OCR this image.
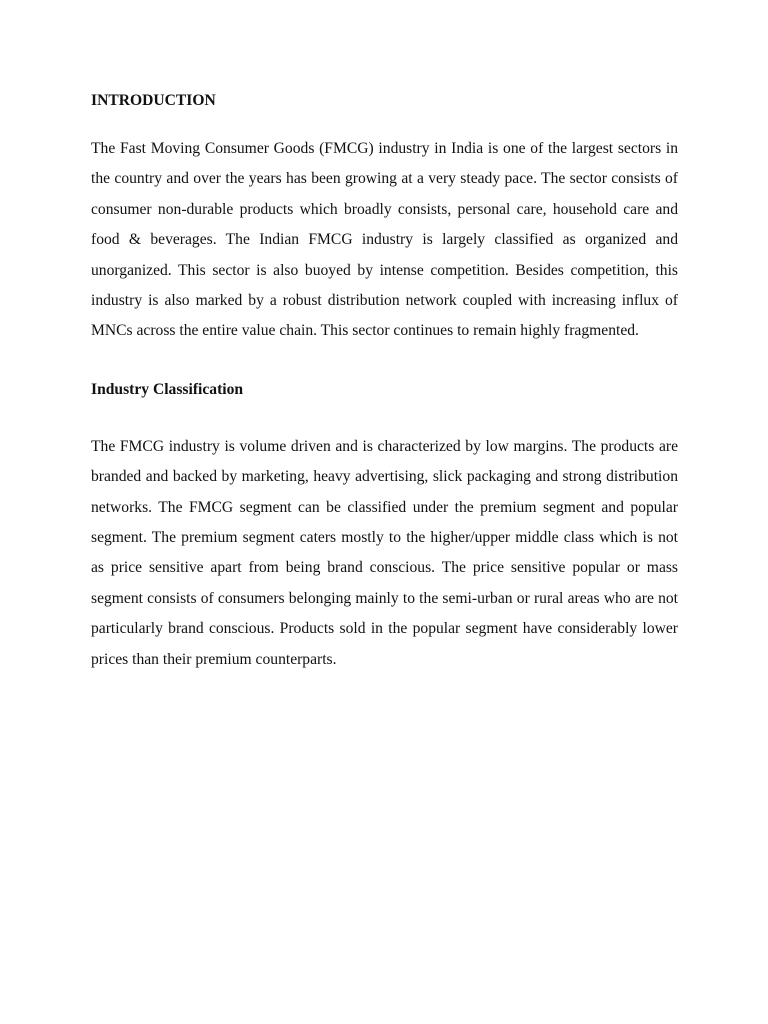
INTRODUCTION

The Fast Moving Consumer Goods (FMCG) industry in India is one of the largest sectors in the country and over the years has been growing at a very steady pace. The sector consists of consumer non-durable products which broadly consists, personal care, household care and food & beverages. The Indian FMCG industry is largely classified as organized and unorganized. This sector is also buoyed by intense competition. Besides competition, this industry is also marked by a robust distribution network coupled with increasing influx of MNCs across the entire value chain. This sector continues to remain highly fragmented.

Industry Classification

The FMCG industry is volume driven and is characterized by low margins. The products are branded and backed by marketing, heavy advertising, slick packaging and strong distribution networks. The FMCG segment can be classified under the premium segment and popular segment. The premium segment caters mostly to the higher/upper middle class which is not as price sensitive apart from being brand conscious. The price sensitive popular or mass segment consists of consumers belonging mainly to the semi-urban or rural areas who are not particularly brand conscious. Products sold in the popular segment have considerably lower prices than their premium counterparts.
